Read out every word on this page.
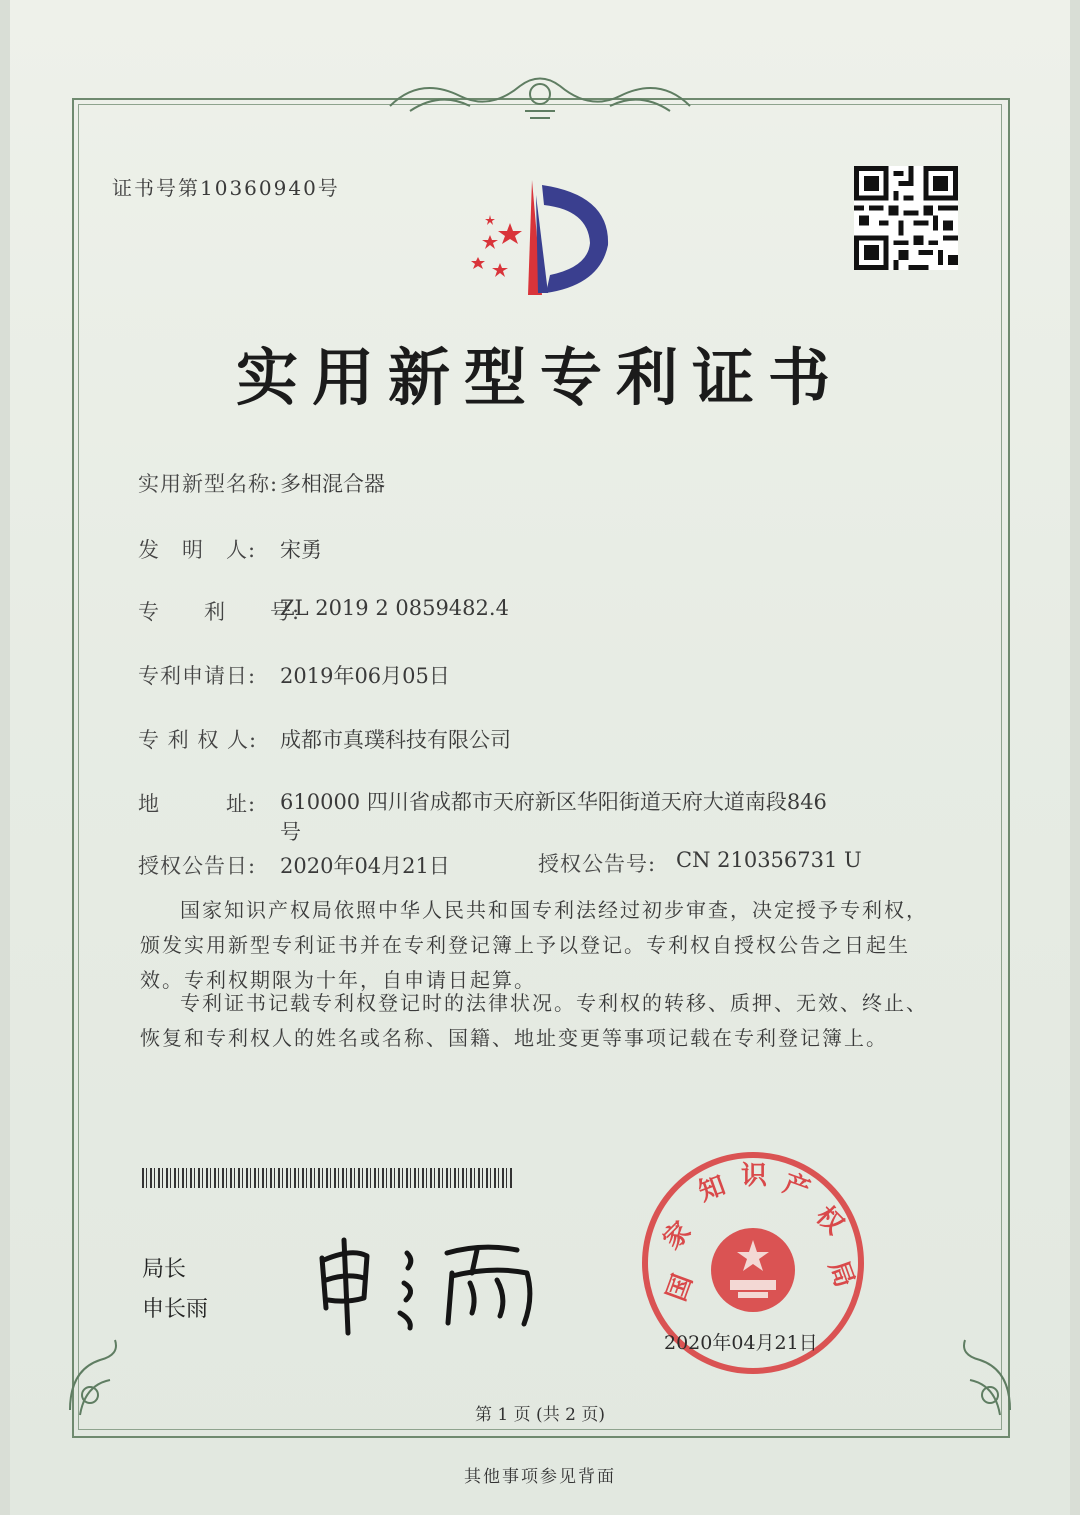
证书号第10360940号
实用新型专利证书
实用新型名称: 多相混合器
发　明　人: 宋勇
专　　利　　号:
ZL 2019 2 0859482.4
专利申请日: 2019年06月05日
专 利 权 人: 成都市真璞科技有限公司
地　　　址: 610000 四川省成都市天府新区华阳街道天府大道南段846
号
授权公告日: 2020年04月21日	授权公告号: CN 210356731 U
国家知识产权局依照中华人民共和国专利法经过初步审查，决定授予专利权，颁发实用新型专利证书并在专利登记簿上予以登记。专利权自授权公告之日起生效。专利权期限为十年，自申请日起算。
专利证书记载专利权登记时的法律状况。专利权的转移、质押、无效、终止、恢复和专利权人的姓名或名称、国籍、地址变更等事项记载在专利登记簿上。
局长
申长雨
国
家
知 识 产
权
局
2020年04月21日
第 1 页 (共 2 页)
其他事项参见背面
